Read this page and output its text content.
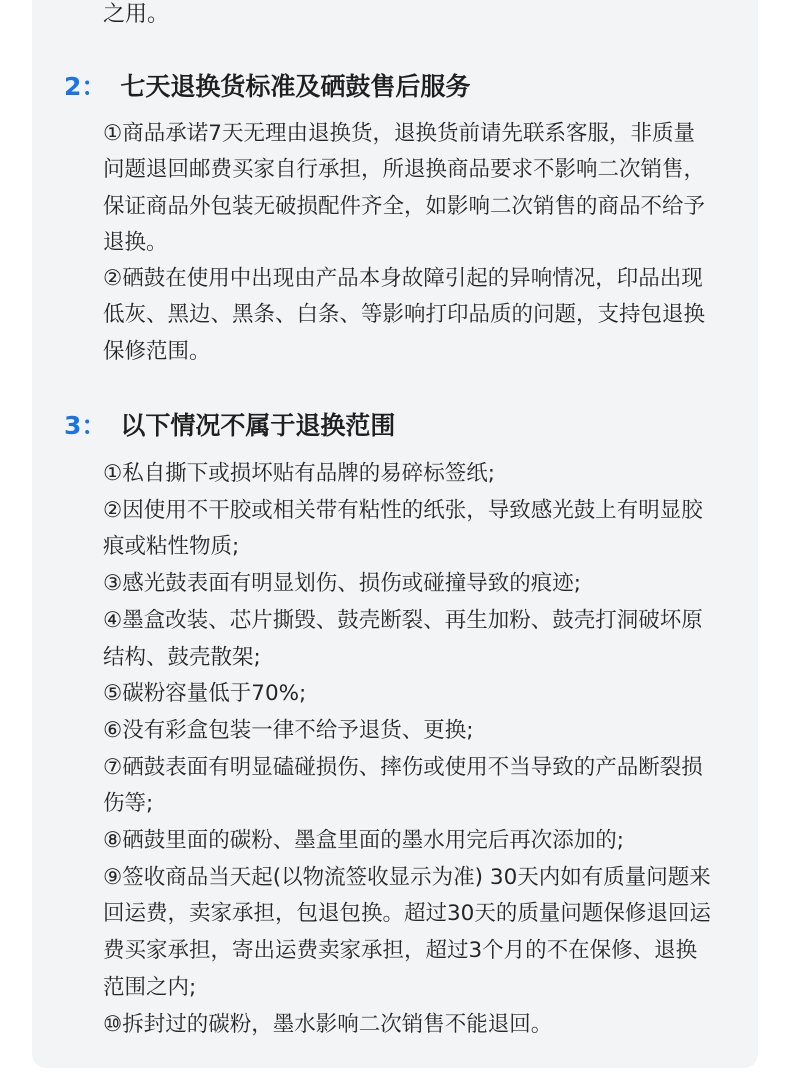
之用。
2： 七天退换货标准及硒鼓售后服务

①商品承诺7天无理由退换货，退换货前请先联系客服，非质量问题退回邮费买家自行承担，所退换商品要求不影响二次销售，保证商品外包装无破损配件齐全，如影响二次销售的商品不给予退换。

②硒鼓在使用中出现由产品本身故障引起的异响情况，印品出现低灰、黑边、黑条、白条、等影响打印品质的问题，支持包退换保修范围。

3： 以下情况不属于退换范围

①私自撕下或损坏贴有品牌的易碎标签纸;

②因使用不干胶或相关带有粘性的纸张，导致感光鼓上有明显胶痕或粘性物质;

③感光鼓表面有明显划伤、损伤或碰撞导致的痕迹;

④墨盒改装、芯片撕毁、鼓壳断裂、再生加粉、鼓壳打洞破坏原结构、鼓壳散架;

⑤碳粉容量低于70%;

⑥没有彩盒包装一律不给予退货、更换;

⑦硒鼓表面有明显磕碰损伤、摔伤或使用不当导致的产品断裂损伤等;

⑧硒鼓里面的碳粉、墨盒里面的墨水用完后再次添加的;

⑨签收商品当天起(以物流签收显示为准) 30天内如有质量问题来回运费，卖家承担，包退包换。超过30天的质量问题保修退回运费买家承担，寄出运费卖家承担，超过3个月的不在保修、退换范围之内;

⑩拆封过的碳粉，墨水影响二次销售不能退回。
